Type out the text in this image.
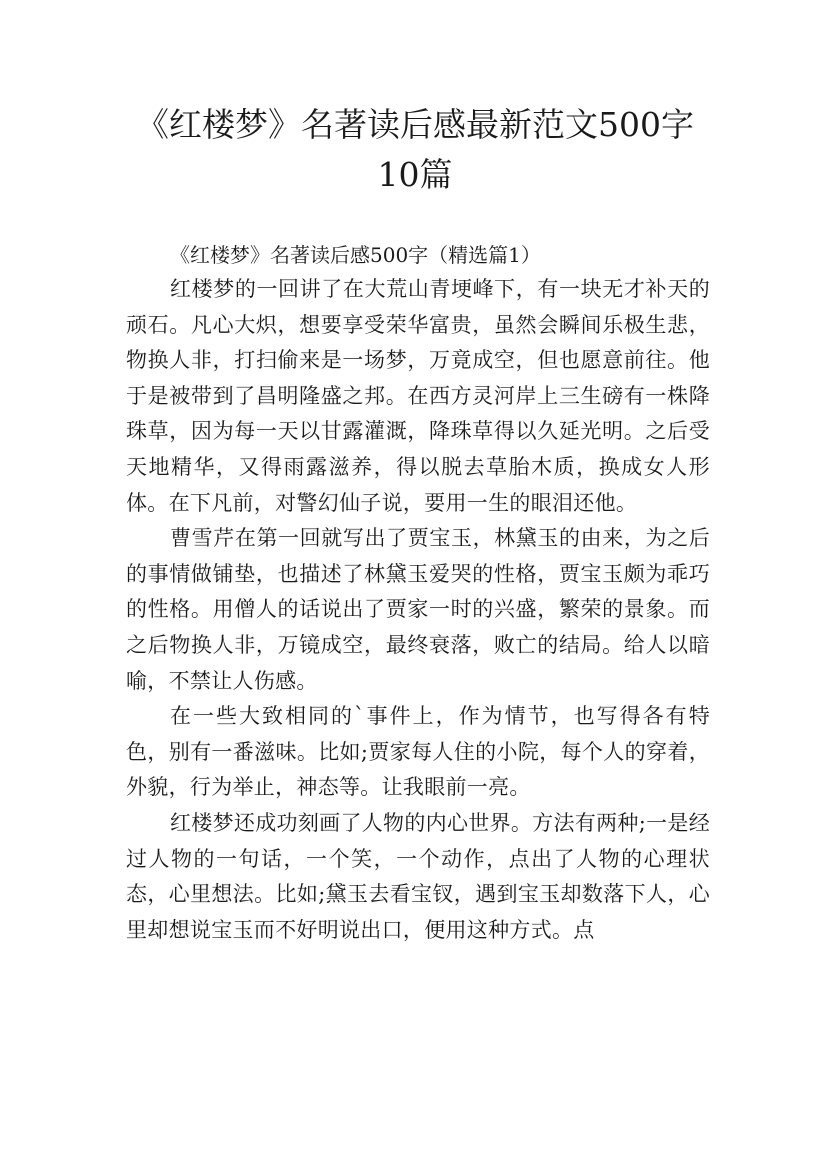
《红楼梦》名著读后感最新范文500字10篇
《红楼梦》名著读后感500字（精选篇1）

红楼梦的一回讲了在大荒山青埂峰下，有一块无才补天的顽石。凡心大炽，想要享受荣华富贵，虽然会瞬间乐极生悲，物换人非，打扫偷来是一场梦，万竟成空，但也愿意前往。他于是被带到了昌明隆盛之邦。在西方灵河岸上三生磅有一株降珠草，因为每一天以甘露灌溉，降珠草得以久延光明。之后受天地精华，又得雨露滋养，得以脱去草胎木质，换成女人形体。在下凡前，对警幻仙子说，要用一生的眼泪还他。

曹雪芹在第一回就写出了贾宝玉，林黛玉的由来，为之后的事情做铺垫，也描述了林黛玉爱哭的性格，贾宝玉颇为乖巧的性格。用僧人的话说出了贾家一时的兴盛，繁荣的景象。而之后物换人非，万镜成空，最终衰落，败亡的结局。给人以暗喻，不禁让人伤感。

在一些大致相同的`事件上，作为情节，也写得各有特色，别有一番滋味。比如;贾家每人住的小院，每个人的穿着，外貌，行为举止，神态等。让我眼前一亮。

红楼梦还成功刻画了人物的内心世界。方法有两种;一是经过人物的一句话，一个笑，一个动作，点出了人物的心理状态，心里想法。比如;黛玉去看宝钗，遇到宝玉却数落下人，心里却想说宝玉而不好明说出口，便用这种方式。点
